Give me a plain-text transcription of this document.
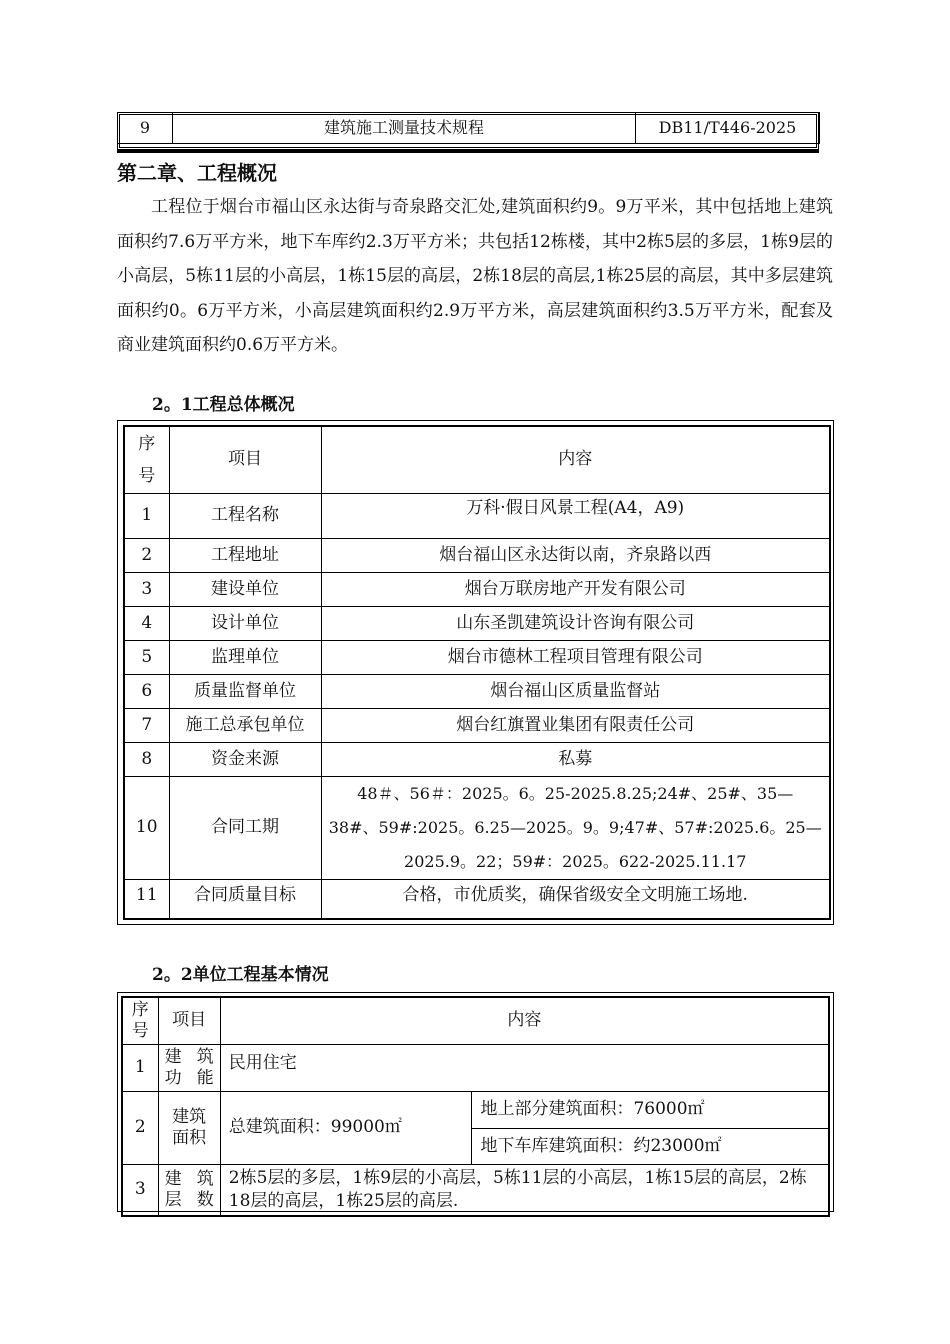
9	建筑施工测量技术规程	DB11/T446-2025
第二章、工程概况

工程位于烟台市福山区永达街与奇泉路交汇处,建筑面积约9。9万平米，其中包括地上建筑面积约7.6万平方米，地下车库约2.3万平方米；共包括12栋楼，其中2栋5层的多层，1栋9层的小高层，5栋11层的小高层，1栋15层的高层，2栋18层的高层,1栋25层的高层，其中多层建筑面积约0。6万平方米，小高层建筑面积约2.9万平方米，高层建筑面积约3.5万平方米，配套及商业建筑面积约0.6万平方米。

2。1工程总体概况
序
号	项目	内容
1	工程名称	万科·假日风景工程(A4，A9)
2	工程地址	烟台福山区永达街以南，齐泉路以西
3	建设单位	烟台万联房地产开发有限公司
4	设计单位	山东圣凯建筑设计咨询有限公司
5	监理单位	烟台市德林工程项目管理有限公司
6	质量监督单位	烟台福山区质量监督站
7	施工总承包单位	烟台红旗置业集团有限责任公司
8	资金来源	私募
10	合同工期	48＃、56＃：2025。6。25-2025.8.25;24#、25#、35—
38#、59#:2025。6.25—2025。9。9;47#、57#:2025.6。25—
2025.9。22；59#：2025。622-2025.11.17

11	合同质量目标	合格，市优质奖，确保省级安全文明施工场地.
2。2单位工程基本情况
序
号	项目	内容	
1	建筑
功能	民用住宅	
2	建筑
面积	总建筑面积：99000㎡	地上部分建筑面积：76000㎡
			地下车库建筑面积：约23000㎡
3	建筑
层数	2栋5层的多层，1栋9层的小高层，5栋11层的小高层，1栋15层的高层，2栋18层的高层，1栋25层的高层.	
